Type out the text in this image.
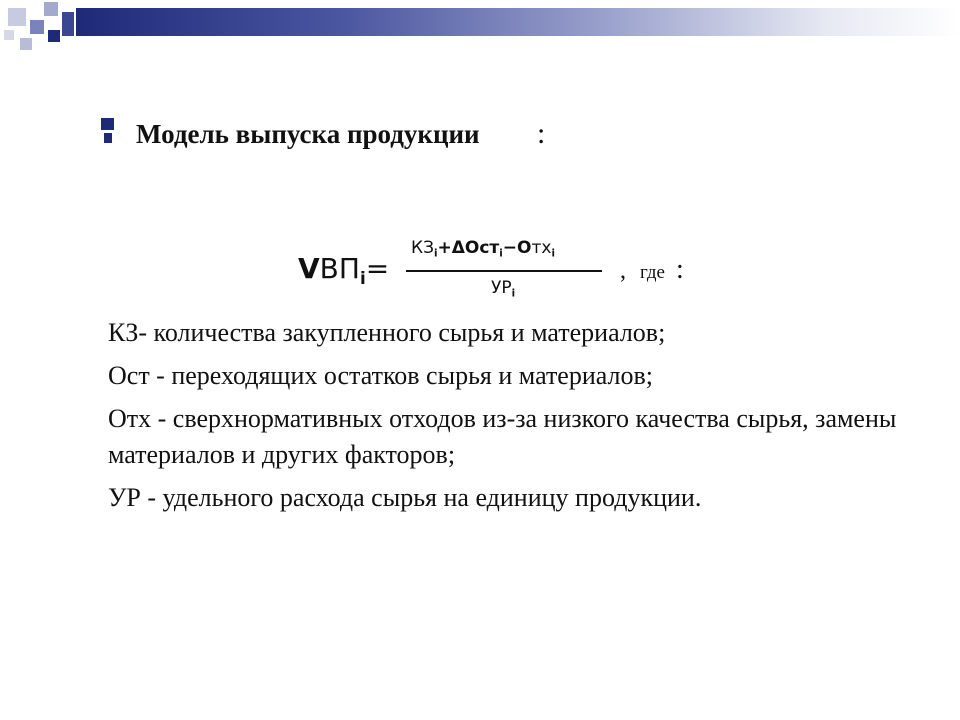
Модель выпуска продукции :
$VВП_i=$
$КЗ_i+\Delta Ост_i-Отх_i$
$УР_i$
, где :

КЗ- количества закупленного сырья и материалов;

Ост - переходящих остатков сырья и материалов;

Отх - сверхнормативных отходов из-за низкого качества сырья, замены материалов и других факторов;

УР - удельного расхода сырья на единицу продукции.
